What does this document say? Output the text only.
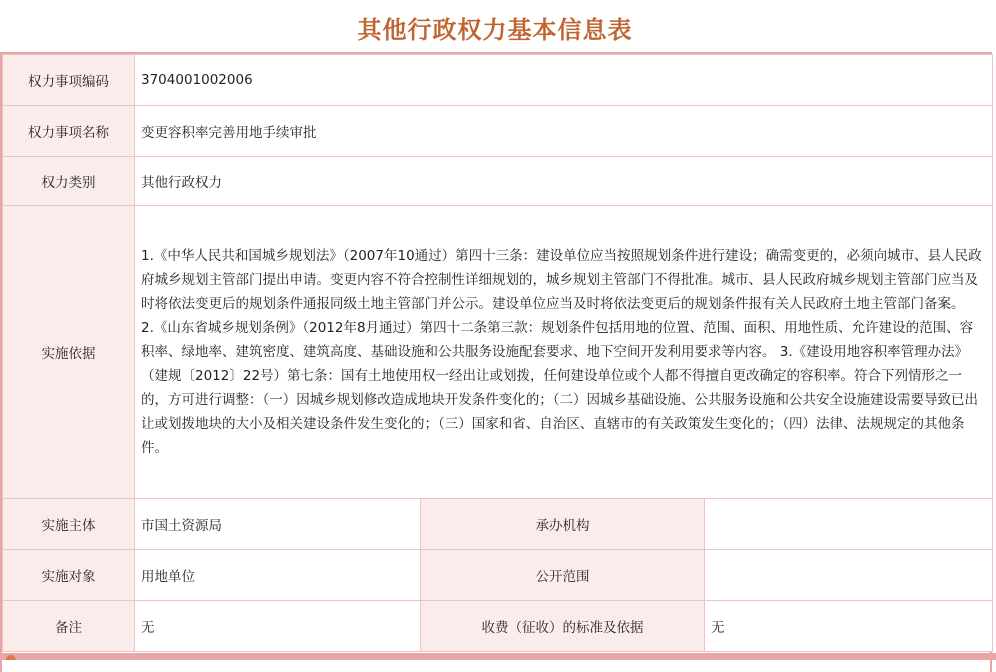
其他行政权力基本信息表
权力事项编码	3704001002006		
权力事项名称	变更容积率完善用地手续审批		
权力类别	其他行政权力		
实施依据	1.《中华人民共和国城乡规划法》（2007年10通过）第四十三条：建设单位应当按照规划条件进行建设；确需变更的，必须向城市、县人民政府城乡规划主管部门提出申请。变更内容不符合控制性详细规划的，城乡规划主管部门不得批准。城市、县人民政府城乡规划主管部门应当及时将依法变更后的规划条件通报同级土地主管部门并公示。建设单位应当及时将依法变更后的规划条件报有关人民政府土地主管部门备案。

2.《山东省城乡规划条例》（2012年8月通过）第四十二条第三款：规划条件包括用地的位置、范围、面积、用地性质、允许建设的范围、容积率、绿地率、建筑密度、建筑高度、基础设施和公共服务设施配套要求、地下空间开发利用要求等内容。 3.《建设用地容积率管理办法》（建规〔2012〕22号）第七条：国有土地使用权一经出让或划拨，任何建设单位或个人都不得擅自更改确定的容积率。符合下列情形之一的，方可进行调整：（一）因城乡规划修改造成地块开发条件变化的；（二）因城乡基础设施、公共服务设施和公共安全设施建设需要导致已出让或划拨地块的大小及相关建设条件发生变化的；（三）国家和省、自治区、直辖市的有关政策发生变化的；（四）法律、法规规定的其他条件。		

实施主体	市国土资源局	承办机构	
实施对象	用地单位	公开范围	
备注	无	收费（征收）的标准及依据	无
